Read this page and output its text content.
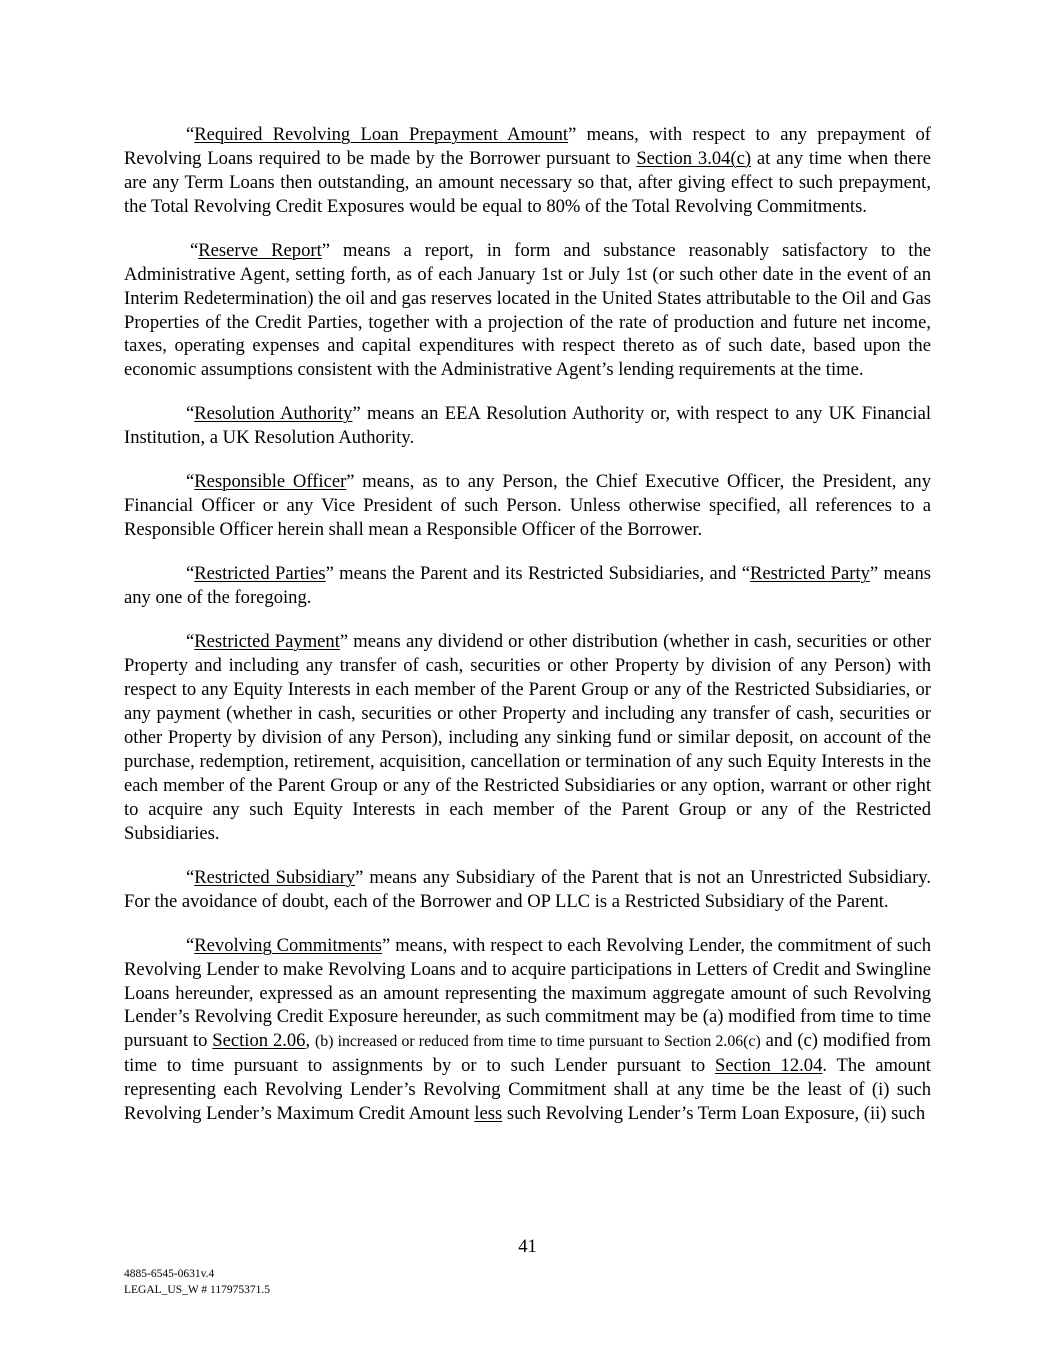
“Required Revolving Loan Prepayment Amount” means, with respect to any prepayment of Revolving Loans required to be made by the Borrower pursuant to Section 3.04(c) at any time when there are any Term Loans then outstanding, an amount necessary so that, after giving effect to such prepayment, the Total Revolving Credit Exposures would be equal to 80% of the Total Revolving Commitments.

“Reserve Report” means a report, in form and substance reasonably satisfactory to the Administrative Agent, setting forth, as of each January 1st or July 1st (or such other date in the event of an Interim Redetermination) the oil and gas reserves located in the United States attributable to the Oil and Gas Properties of the Credit Parties, together with a projection of the rate of production and future net income, taxes, operating expenses and capital expenditures with respect thereto as of such date, based upon the economic assumptions consistent with the Administrative Agent’s lending requirements at the time.

“Resolution Authority” means an EEA Resolution Authority or, with respect to any UK Financial Institution, a UK Resolution Authority.

“Responsible Officer” means, as to any Person, the Chief Executive Officer, the President, any Financial Officer or any Vice President of such Person. Unless otherwise specified, all references to a Responsible Officer herein shall mean a Responsible Officer of the Borrower.

“Restricted Parties” means the Parent and its Restricted Subsidiaries, and “Restricted Party” means any one of the foregoing.

“Restricted Payment” means any dividend or other distribution (whether in cash, securities or other Property and including any transfer of cash, securities or other Property by division of any Person) with respect to any Equity Interests in each member of the Parent Group or any of the Restricted Subsidiaries, or any payment (whether in cash, securities or other Property and including any transfer of cash, securities or other Property by division of any Person), including any sinking fund or similar deposit, on account of the purchase, redemption, retirement, acquisition, cancellation or termination of any such Equity Interests in the each member of the Parent Group or any of the Restricted Subsidiaries or any option, warrant or other right to acquire any such Equity Interests in each member of the Parent Group or any of the Restricted Subsidiaries.

“Restricted Subsidiary” means any Subsidiary of the Parent that is not an Unrestricted Subsidiary. For the avoidance of doubt, each of the Borrower and OP LLC is a Restricted Subsidiary of the Parent.

“Revolving Commitments” means, with respect to each Revolving Lender, the commitment of such Revolving Lender to make Revolving Loans and to acquire participations in Letters of Credit and Swingline Loans hereunder, expressed as an amount representing the maximum aggregate amount of such Revolving Lender’s Revolving Credit Exposure hereunder, as such commitment may be (a) modified from time to time pursuant to Section 2.06, (b) increased or reduced from time to time pursuant to Section 2.06(c) and (c) modified from time to time pursuant to assignments by or to such Lender pursuant to Section 12.04. The amount representing each Revolving Lender’s Revolving Commitment shall at any time be the least of (i) such Revolving Lender’s Maximum Credit Amount less such Revolving Lender’s Term Loan Exposure, (ii) such

41
4885-6545-0631v.4
LEGAL_US_W # 117975371.5
